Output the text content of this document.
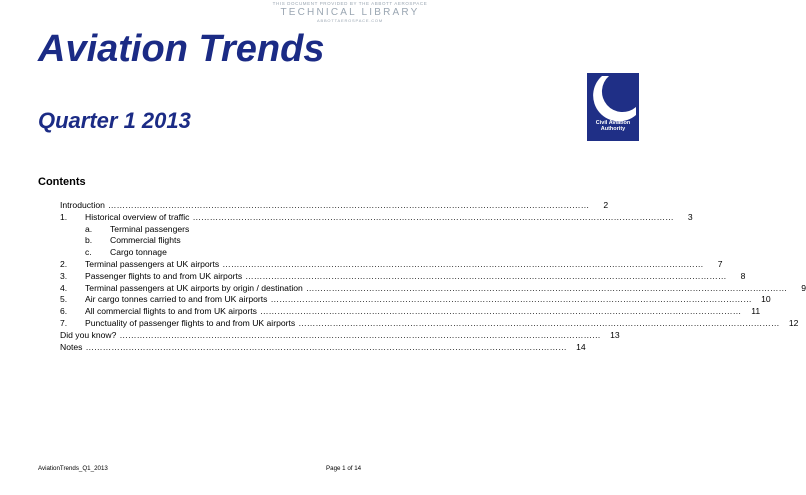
THIS DOCUMENT PROVIDED BY THE ABBOTT AEROSPACE
TECHNICAL LIBRARY
ABBOTTAEROSPACE.COM
Aviation Trends
Quarter 1 2013	Civil Aviation
Authority
Contents
Introduction ……………………………………………………………………………………………………………………………………………………	2
1.	Historical overview of traffic ……………………………………………………………………………………………………………………………………………………	3
a.	Terminal passengers
b.	Commercial flights
c.	Cargo tonnage
2.	Terminal passengers at UK airports ……………………………………………………………………………………………………………………………………………………	7
3.	Passenger flights to and from UK airports ……………………………………………………………………………………………………………………………………………………	8
4.	Terminal passengers at UK airports by origin / destination ……………………………………………………………………………………………………………………………………………………	9
5.	Air cargo tonnes carried to and from UK airports ……………………………………………………………………………………………………………………………………………………	10
6.	All commercial flights to and from UK airports ……………………………………………………………………………………………………………………………………………………	11
7.	Punctuality of passenger flights to and from UK airports ……………………………………………………………………………………………………………………………………………………	12
Did you know? ……………………………………………………………………………………………………………………………………………………	13
Notes ……………………………………………………………………………………………………………………………………………………	14
AviationTrends_Q1_2013	Page 1 of 14
